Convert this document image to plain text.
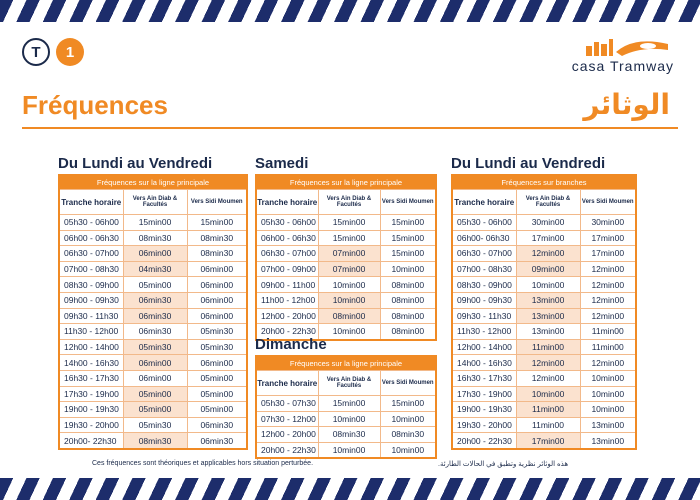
T	1
casa Tramway
Fréquences	الوثائر
Du Lundi au Vendredi
Fréquences sur la ligne principale		
Tranche horaire	Vers Ain Diab & Facultés	Vers Sidi Moumen
05h30 - 06h00	15min00	15min00
06h00 - 06h30	08min30	08min30
06h30 - 07h00	06min00	08min30
07h00 - 08h30	04min30	06min00
08h30 - 09h00	05min00	06min00
09h00 - 09h30	06min30	06min00
09h30 - 11h30	06min30	06min00
11h30 - 12h00	06min30	05min30
12h00 - 14h00	05min30	05min30
14h00 - 16h30	06min00	06min00
16h30 - 17h30	06min00	05min00
17h30 - 19h00	05min00	05min00
19h00 - 19h30	05min00	05min00
19h30 - 20h00	05min30	06min30
20h00- 22h30	08min30	06min30
Samedi
Fréquences sur la ligne principale		
Tranche horaire	Vers Ain Diab & Facultés	Vers Sidi Moumen
05h30 - 06h00	15min00	15min00
06h00 - 06h30	15min00	15min00
06h30 - 07h00	07min00	15min00
07h00 - 09h00	07min00	10min00
09h00 - 11h00	10min00	08min00
11h00 - 12h00	10min00	08min00
12h00 - 20h00	08min00	08min00
20h00 - 22h30	10min00	08min00
Dimanche
Fréquences sur la ligne principale		
Tranche horaire	Vers Ain Diab & Facultés	Vers Sidi Moumen
05h30 - 07h30	15min00	15min00
07h30 - 12h00	10min00	10min00
12h00 - 20h00	08min30	08min30
20h00 - 22h30	10min00	10min00
Du Lundi au Vendredi
Fréquences sur branches		
Tranche horaire	Vers Ain Diab & Facultés	Vers Sidi Moumen
05h30 - 06h00	30min00	30min00
06h00- 06h30	17min00	17min00
06h30 - 07h00	12min00	17min00
07h00 - 08h30	09min00	12min00
08h30 - 09h00	10min00	12min00
09h00 - 09h30	13min00	12min00
09h30 - 11h30	13min00	12min00
11h30 - 12h00	13min00	11min00
12h00 - 14h00	11min00	11min00
14h00 - 16h30	12min00	12min00
16h30 - 17h30	12min00	10min00
17h30 - 19h00	10min00	10min00
19h00 - 19h30	11min00	10min00
19h30 - 20h00	11min00	13min00
20h00 - 22h30	17min00	13min00
Ces fréquences sont théoriques et applicables hors situation perturbée.	هذه الوثائر نظرية وتطبق في الحالات الطارئة.
